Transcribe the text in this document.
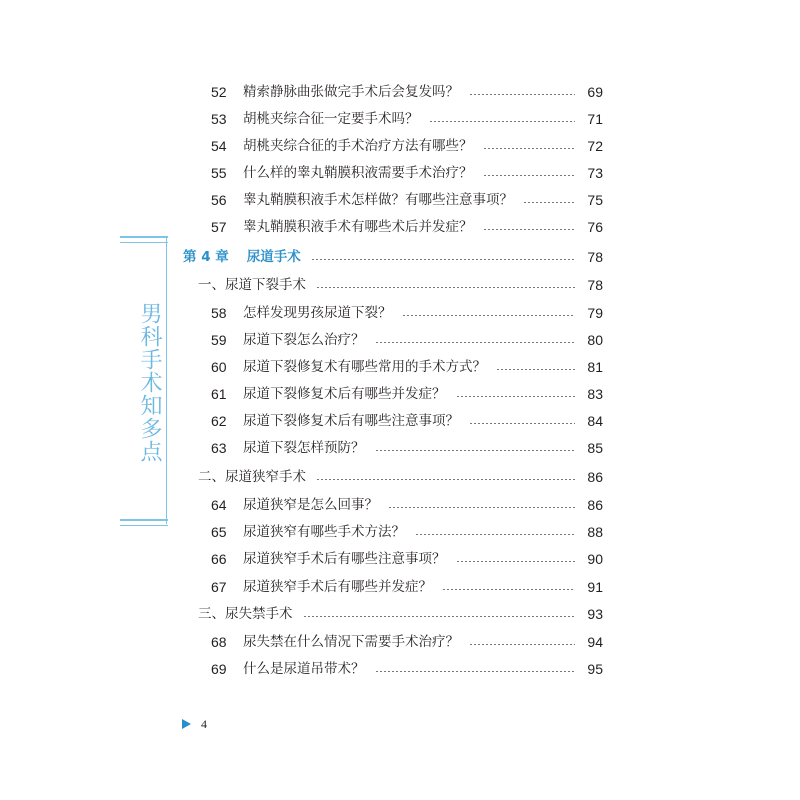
52	精索静脉曲张做完手术后会复发吗？	69
53	胡桃夹综合征一定要手术吗？	71
54	胡桃夹综合征的手术治疗方法有哪些？	72
55	什么样的睾丸鞘膜积液需要手术治疗？	73
56	睾丸鞘膜积液手术怎样做？有哪些注意事项？	75
57	睾丸鞘膜积液手术有哪些术后并发症？	76
第 4 章 尿道手术	78
一、尿道下裂手术	78
58	怎样发现男孩尿道下裂？	79
59	尿道下裂怎么治疗？	80
60	尿道下裂修复术有哪些常用的手术方式？	81
61	尿道下裂修复术后有哪些并发症？	83
62	尿道下裂修复术后有哪些注意事项？	84
63	尿道下裂怎样预防？	85
二、尿道狭窄手术	86
64	尿道狭窄是怎么回事？	86
65	尿道狭窄有哪些手术方法？	88
66	尿道狭窄手术后有哪些注意事项？	90
67	尿道狭窄手术后有哪些并发症？	91
三、尿失禁手术	93
68	尿失禁在什么情况下需要手术治疗？	94
69	什么是尿道吊带术？	95
男科手术知多点
4
